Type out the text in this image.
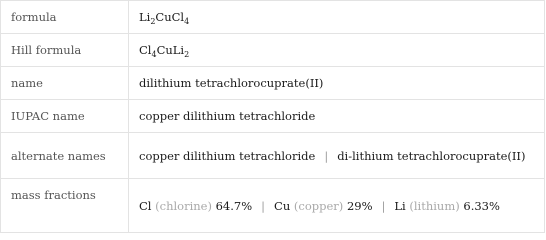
formula	$Li_2CuCl_4$
Hill formula	$Cl_4CuLi_2$
name	dilithium tetrachlorocuprate(II)
IUPAC name	copper dilithium tetrachloride
alternate names	copper dilithium tetrachloride | di-lithium tetrachlorocuprate(II)
mass fractions	Cl (chlorine) 64.7% | Cu (copper) 29% | Li (lithium) 6.33%
